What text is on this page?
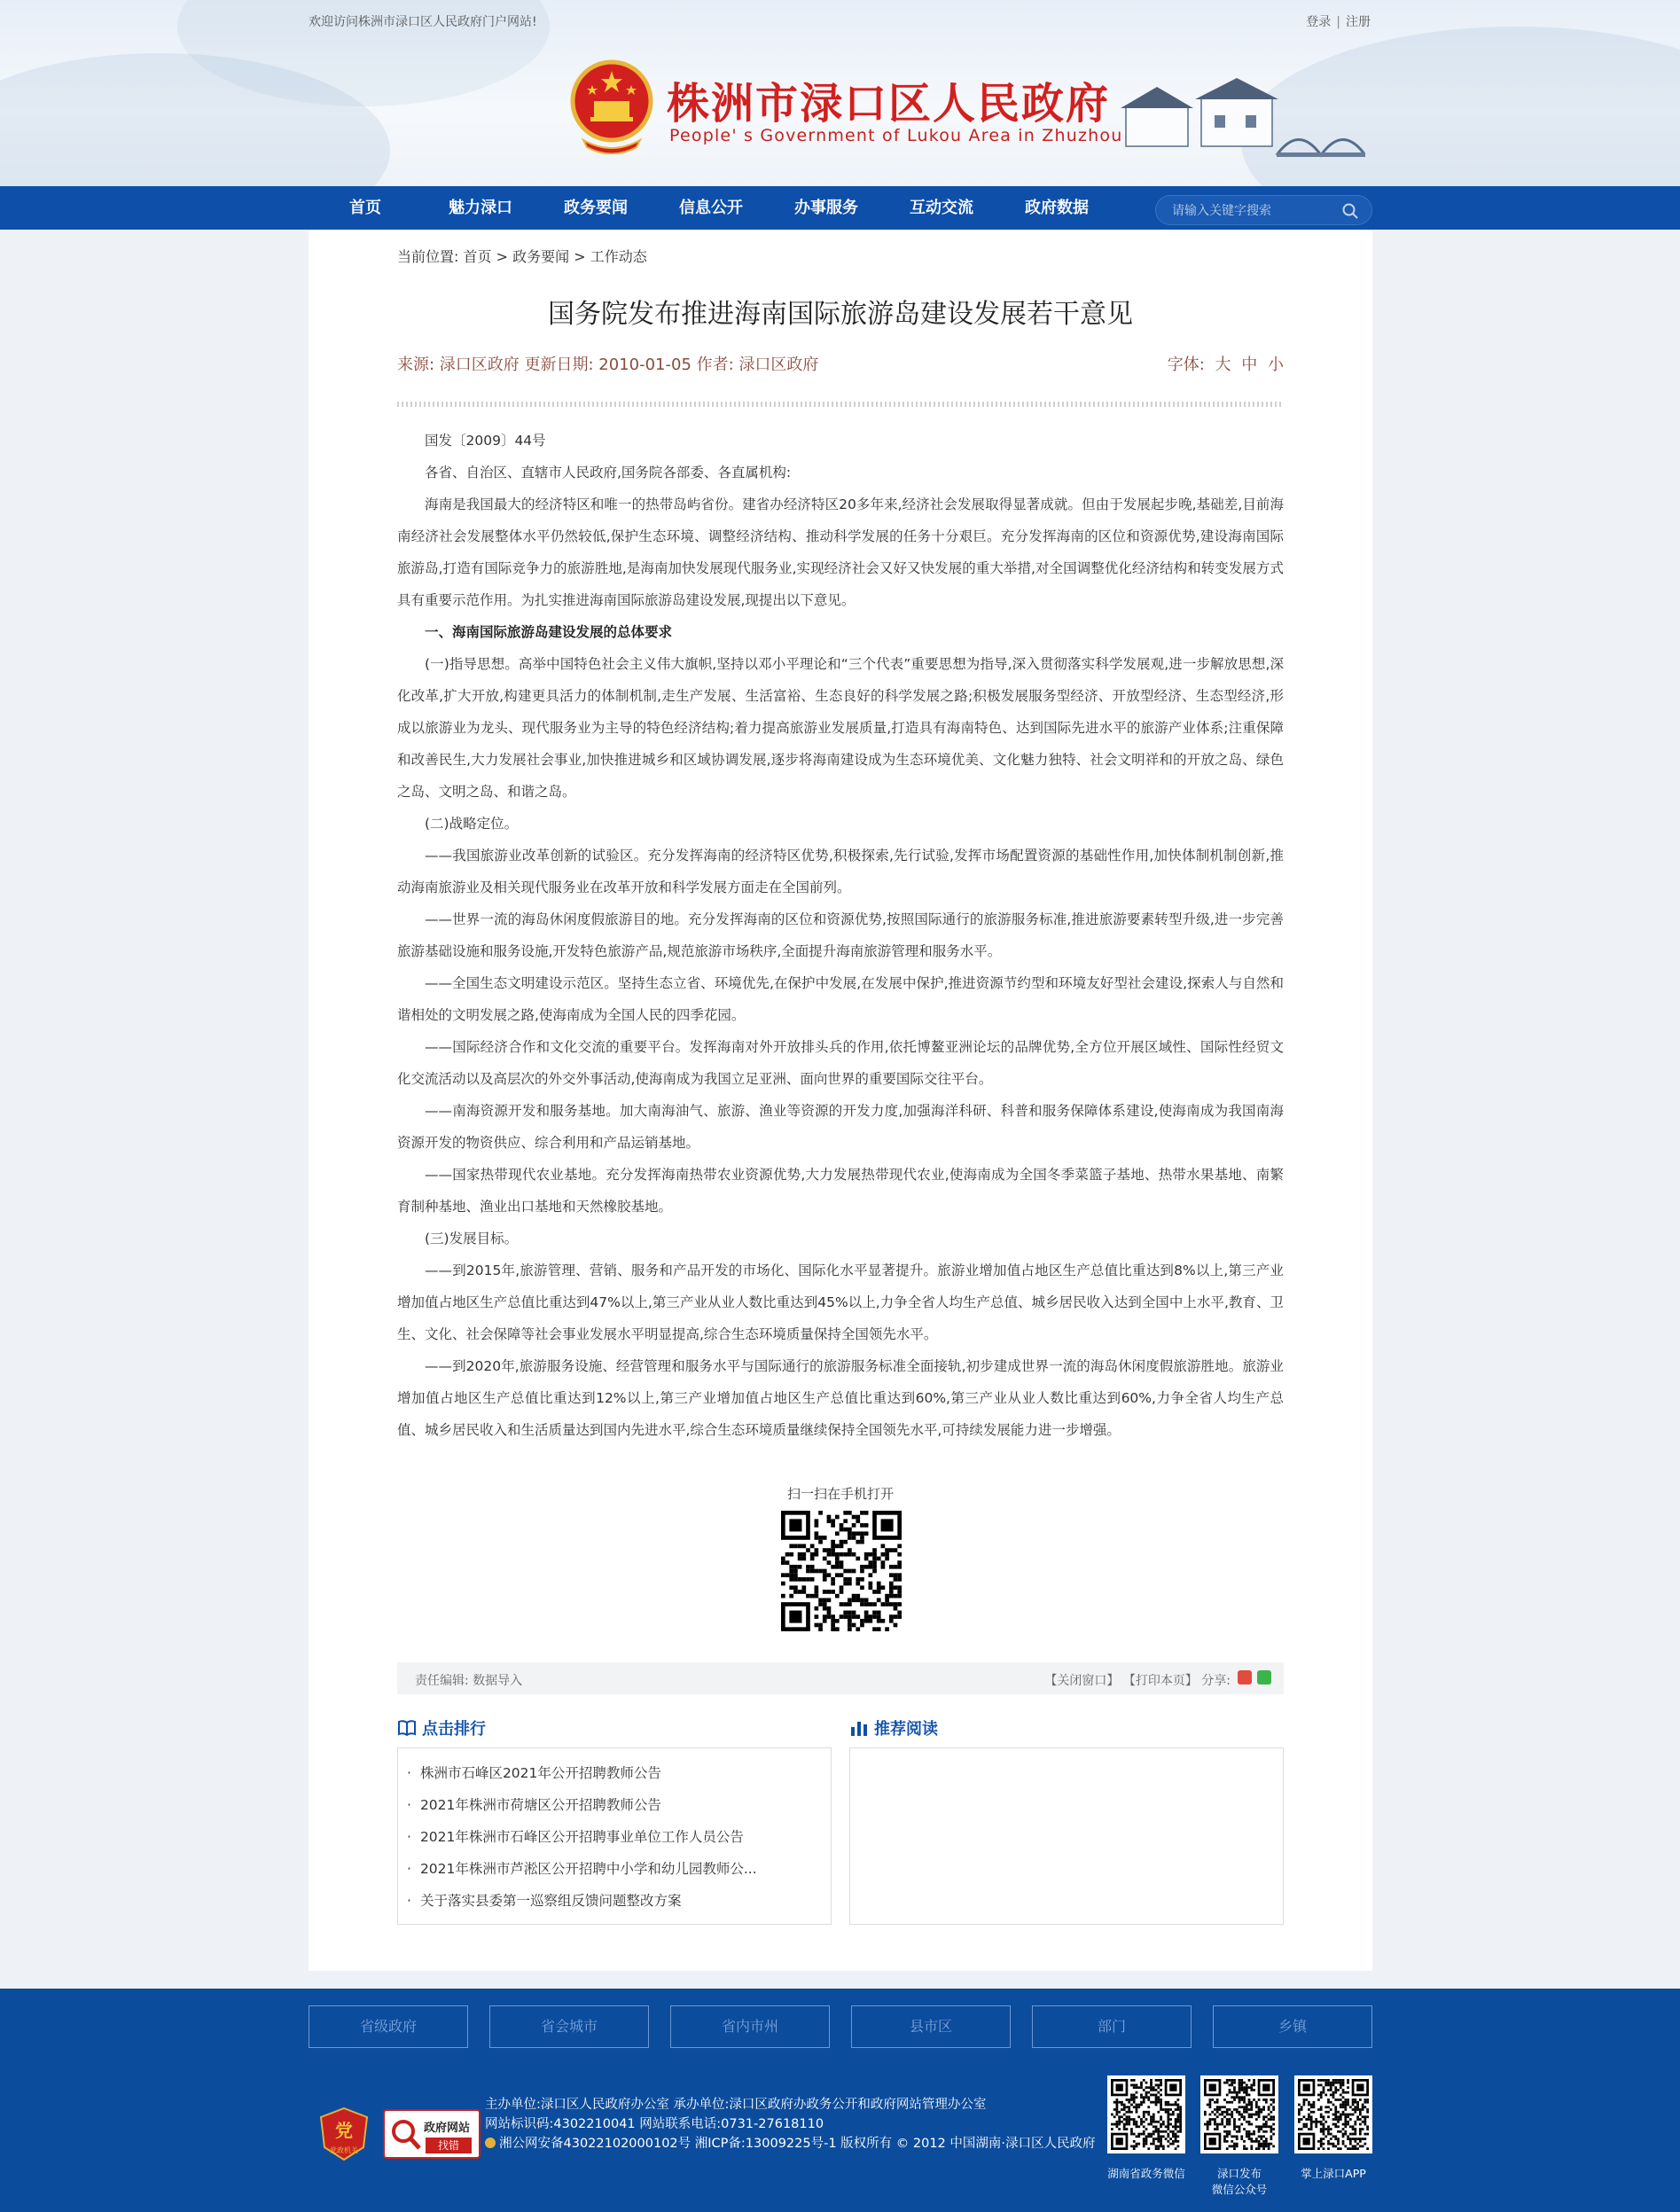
欢迎访问株洲市渌口区人民政府门户网站!	登录 | 注册
株洲市渌口区人民政府
People' s Government of Lukou Area in Zhuzhou
首页	魅力渌口	政务要闻	信息公开	办事服务	互动交流	政府数据
请输入关键字搜索
当前位置: 首页 > 政务要闻 > 工作动态
国务院发布推进海南国际旅游岛建设发展若干意见
来源: 渌口区政府 更新日期: 2010-01-05 作者: 渌口区政府	字体: 大 中 小

国发〔2009〕44号

各省、自治区、直辖市人民政府,国务院各部委、各直属机构:

海南是我国最大的经济特区和唯一的热带岛屿省份。建省办经济特区20多年来,经济社会发展取得显著成就。但由于发展起步晚,基础差,目前海南经济社会发展整体水平仍然较低,保护生态环境、调整经济结构、推动科学发展的任务十分艰巨。充分发挥海南的区位和资源优势,建设海南国际旅游岛,打造有国际竞争力的旅游胜地,是海南加快发展现代服务业,实现经济社会又好又快发展的重大举措,对全国调整优化经济结构和转变发展方式具有重要示范作用。为扎实推进海南国际旅游岛建设发展,现提出以下意见。

一、海南国际旅游岛建设发展的总体要求

(一)指导思想。高举中国特色社会主义伟大旗帜,坚持以邓小平理论和“三个代表”重要思想为指导,深入贯彻落实科学发展观,进一步解放思想,深化改革,扩大开放,构建更具活力的体制机制,走生产发展、生活富裕、生态良好的科学发展之路;积极发展服务型经济、开放型经济、生态型经济,形成以旅游业为龙头、现代服务业为主导的特色经济结构;着力提高旅游业发展质量,打造具有海南特色、达到国际先进水平的旅游产业体系;注重保障和改善民生,大力发展社会事业,加快推进城乡和区域协调发展,逐步将海南建设成为生态环境优美、文化魅力独特、社会文明祥和的开放之岛、绿色之岛、文明之岛、和谐之岛。

(二)战略定位。

——我国旅游业改革创新的试验区。充分发挥海南的经济特区优势,积极探索,先行试验,发挥市场配置资源的基础性作用,加快体制机制创新,推动海南旅游业及相关现代服务业在改革开放和科学发展方面走在全国前列。

——世界一流的海岛休闲度假旅游目的地。充分发挥海南的区位和资源优势,按照国际通行的旅游服务标准,推进旅游要素转型升级,进一步完善旅游基础设施和服务设施,开发特色旅游产品,规范旅游市场秩序,全面提升海南旅游管理和服务水平。

——全国生态文明建设示范区。坚持生态立省、环境优先,在保护中发展,在发展中保护,推进资源节约型和环境友好型社会建设,探索人与自然和谐相处的文明发展之路,使海南成为全国人民的四季花园。

——国际经济合作和文化交流的重要平台。发挥海南对外开放排头兵的作用,依托博鳌亚洲论坛的品牌优势,全方位开展区域性、国际性经贸文化交流活动以及高层次的外交外事活动,使海南成为我国立足亚洲、面向世界的重要国际交往平台。

——南海资源开发和服务基地。加大南海油气、旅游、渔业等资源的开发力度,加强海洋科研、科普和服务保障体系建设,使海南成为我国南海资源开发的物资供应、综合利用和产品运销基地。

——国家热带现代农业基地。充分发挥海南热带农业资源优势,大力发展热带现代农业,使海南成为全国冬季菜篮子基地、热带水果基地、南繁育制种基地、渔业出口基地和天然橡胶基地。

(三)发展目标。

——到2015年,旅游管理、营销、服务和产品开发的市场化、国际化水平显著提升。旅游业增加值占地区生产总值比重达到8%以上,第三产业增加值占地区生产总值比重达到47%以上,第三产业从业人数比重达到45%以上,力争全省人均生产总值、城乡居民收入达到全国中上水平,教育、卫生、文化、社会保障等社会事业发展水平明显提高,综合生态环境质量保持全国领先水平。

——到2020年,旅游服务设施、经营管理和服务水平与国际通行的旅游服务标准全面接轨,初步建成世界一流的海岛休闲度假旅游胜地。旅游业增加值占地区生产总值比重达到12%以上,第三产业增加值占地区生产总值比重达到60%,第三产业从业人数比重达到60%,力争全省人均生产总值、城乡居民收入和生活质量达到国内先进水平,综合生态环境质量继续保持全国领先水平,可持续发展能力进一步增强。

扫一扫在手机打开
责任编辑: 数据导入	【关闭窗口】 【打印本页】 分享:
点击排行
· 株洲市石峰区2021年公开招聘教师公告
· 2021年株洲市荷塘区公开招聘教师公告
· 2021年株洲市石峰区公开招聘事业单位工作人员公告
· 2021年株洲市芦淞区公开招聘中小学和幼儿园教师公...
· 关于落实县委第一巡察组反馈问题整改方案
推荐阅读
省级政府	省会城市	省内市州	县市区	部门	乡镇
党
党政机关
政府网站
找错
主办单位:渌口区人民政府办公室 承办单位:渌口区政府办政务公开和政府网站管理办公室
网站标识码:4302210041 网站联系电话:0731-27618110
湘公网安备43022102000102号 湘ICP备:13009225号-1 版权所有 © 2012 中国湖南·渌口区人民政府
湖南省政务微信	渌口发布
微信公众号
掌上渌口APP
